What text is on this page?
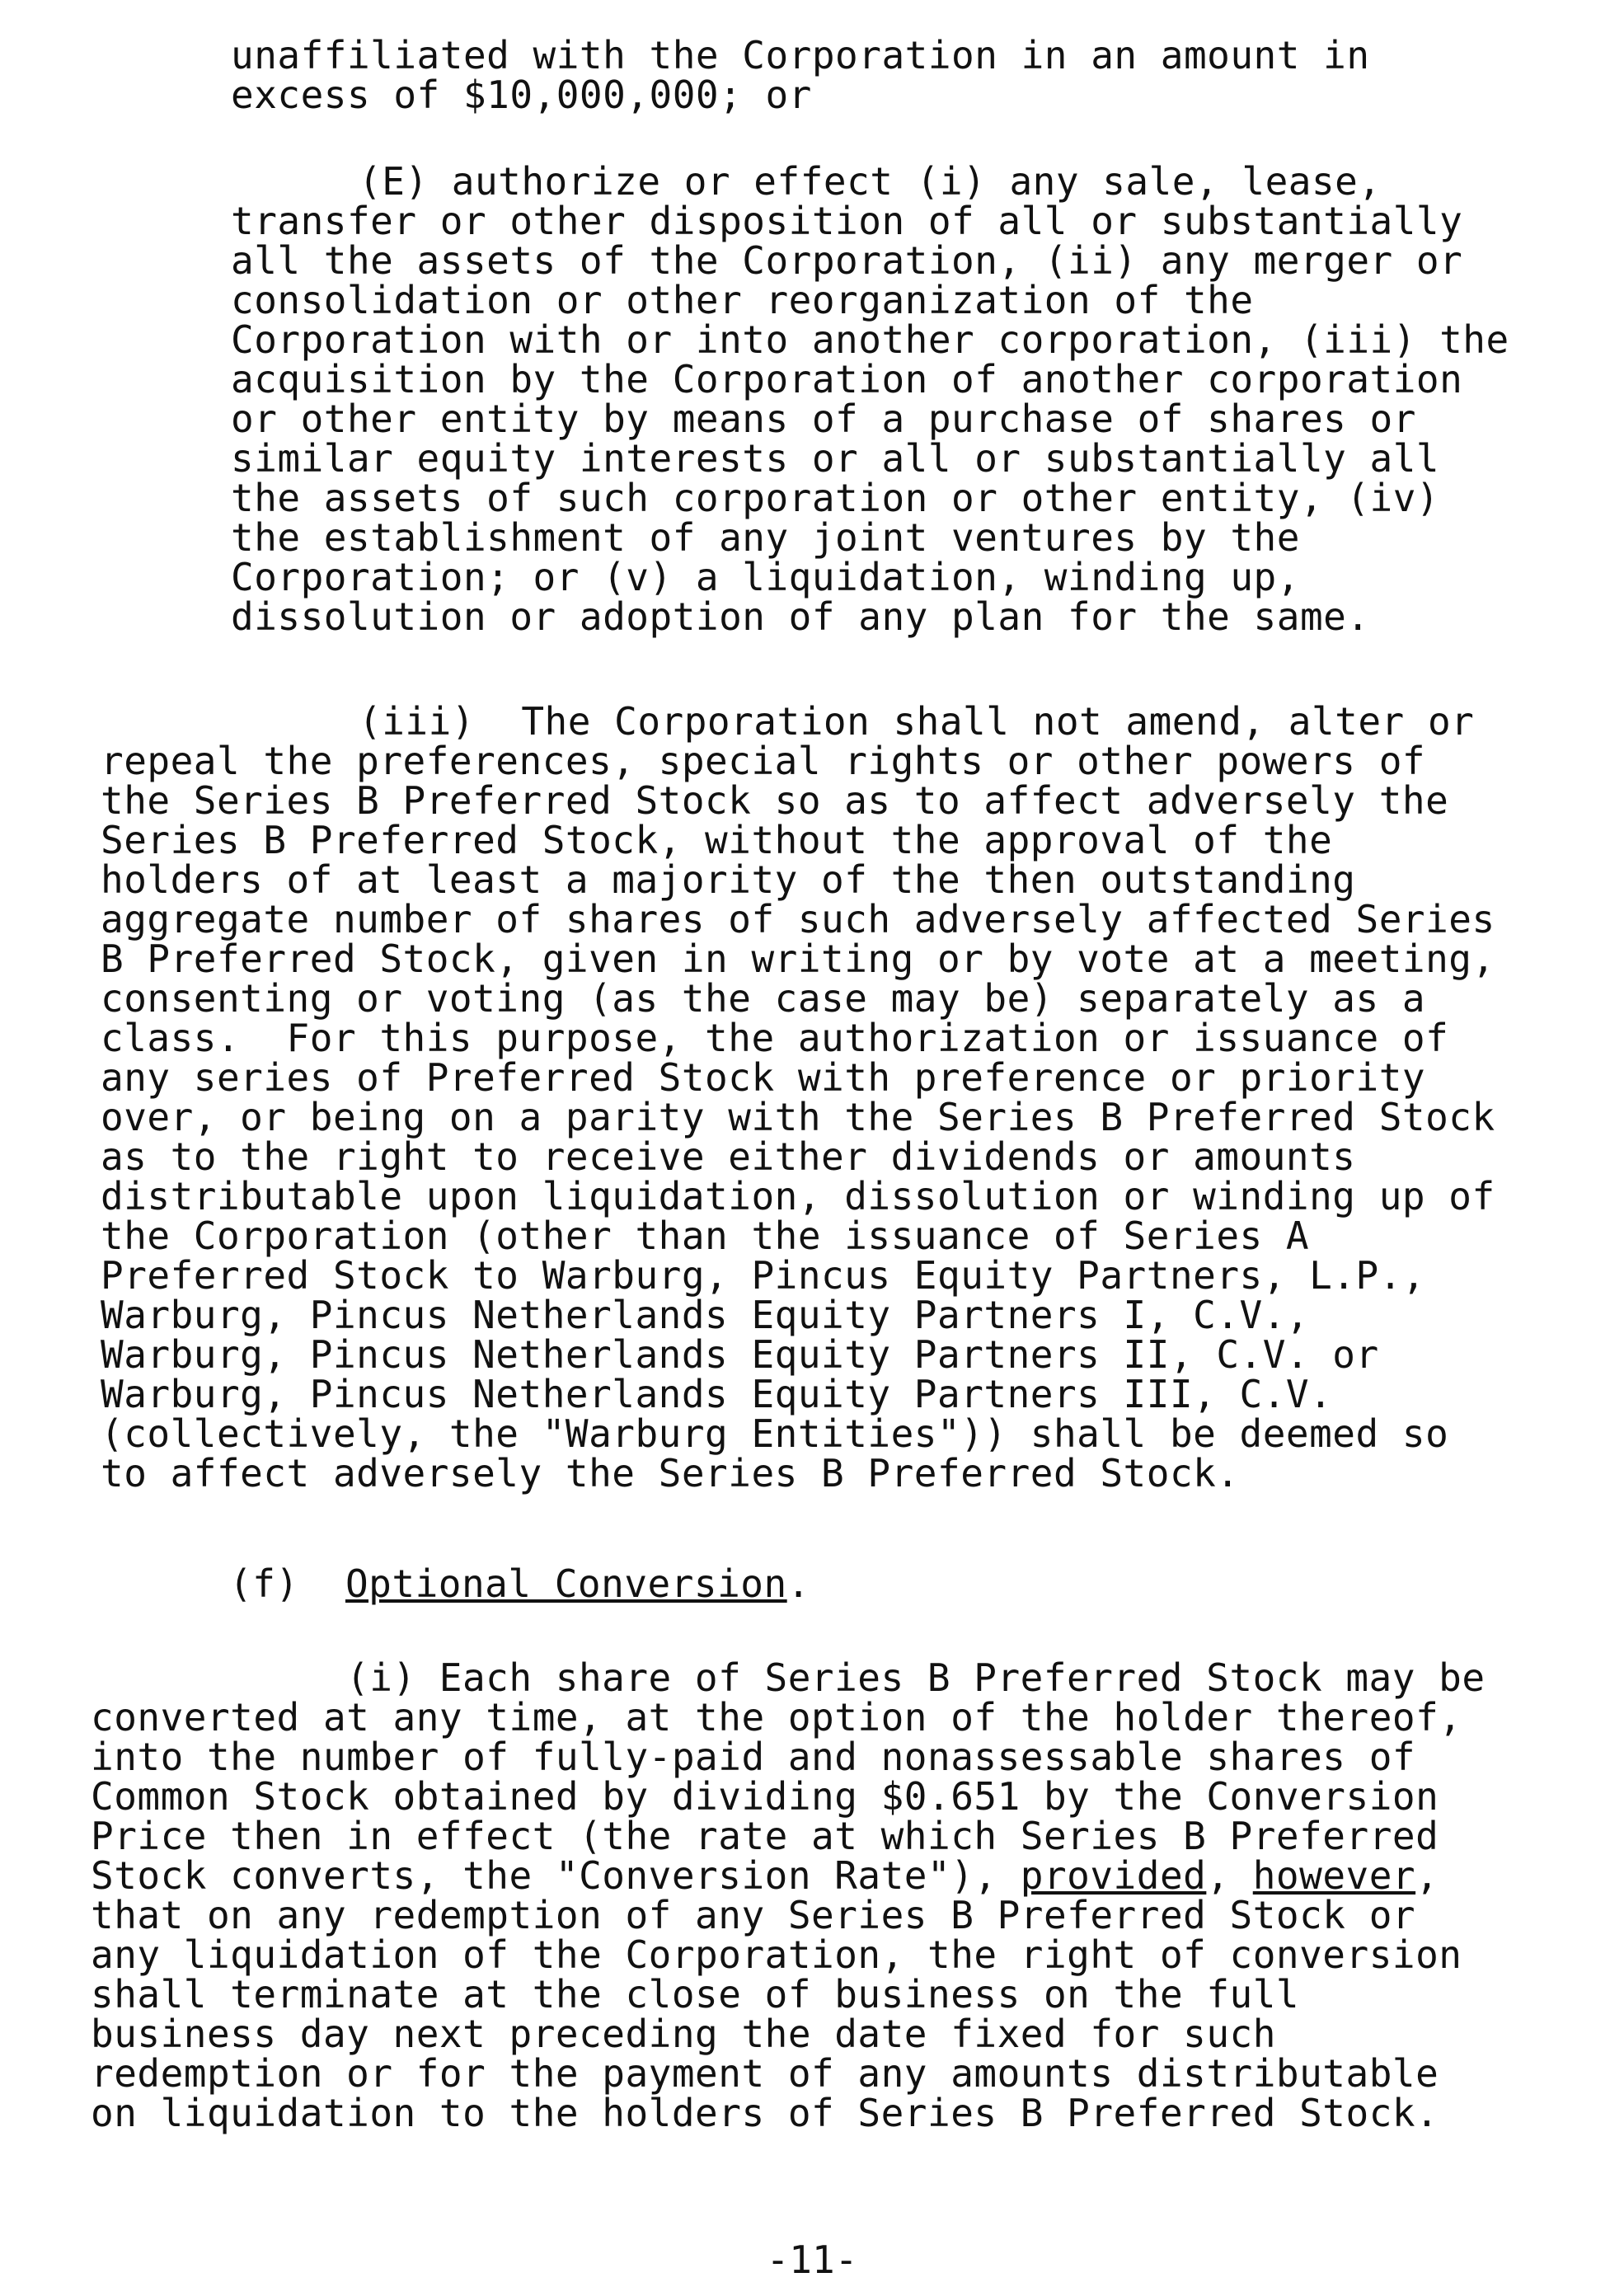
unaffiliated with the Corporation in an amount in
excess of $10,000,000; or
(E) authorize or effect (i) any sale, lease,
transfer or other disposition of all or substantially
all the assets of the Corporation, (ii) any merger or
consolidation or other reorganization of the
Corporation with or into another corporation, (iii) the
acquisition by the Corporation of another corporation
or other entity by means of a purchase of shares or
similar equity interests or all or substantially all
the assets of such corporation or other entity, (iv)
the establishment of any joint ventures by the
Corporation; or (v) a liquidation, winding up,
dissolution or adoption of any plan for the same.
(iii)  The Corporation shall not amend, alter or
repeal the preferences, special rights or other powers of
the Series B Preferred Stock so as to affect adversely the
Series B Preferred Stock, without the approval of the
holders of at least a majority of the then outstanding
aggregate number of shares of such adversely affected Series
B Preferred Stock, given in writing or by vote at a meeting,
consenting or voting (as the case may be) separately as a
class.  For this purpose, the authorization or issuance of
any series of Preferred Stock with preference or priority
over, or being on a parity with the Series B Preferred Stock
as to the right to receive either dividends or amounts
distributable upon liquidation, dissolution or winding up of
the Corporation (other than the issuance of Series A
Preferred Stock to Warburg, Pincus Equity Partners, L.P.,
Warburg, Pincus Netherlands Equity Partners I, C.V.,
Warburg, Pincus Netherlands Equity Partners II, C.V. or
Warburg, Pincus Netherlands Equity Partners III, C.V.
(collectively, the "Warburg Entities")) shall be deemed so
to affect adversely the Series B Preferred Stock.
(f) Optional Conversion.
(i) Each share of Series B Preferred Stock may be
converted at any time, at the option of the holder thereof,
into the number of fully-paid and nonassessable shares of
Common Stock obtained by dividing $0.651 by the Conversion
Price then in effect (the rate at which Series B Preferred
Stock converts, the "Conversion Rate"), provided, however,
that on any redemption of any Series B Preferred Stock or
any liquidation of the Corporation, the right of conversion
shall terminate at the close of business on the full
business day next preceding the date fixed for such
redemption or for the payment of any amounts distributable
on liquidation to the holders of Series B Preferred Stock.
-11-
